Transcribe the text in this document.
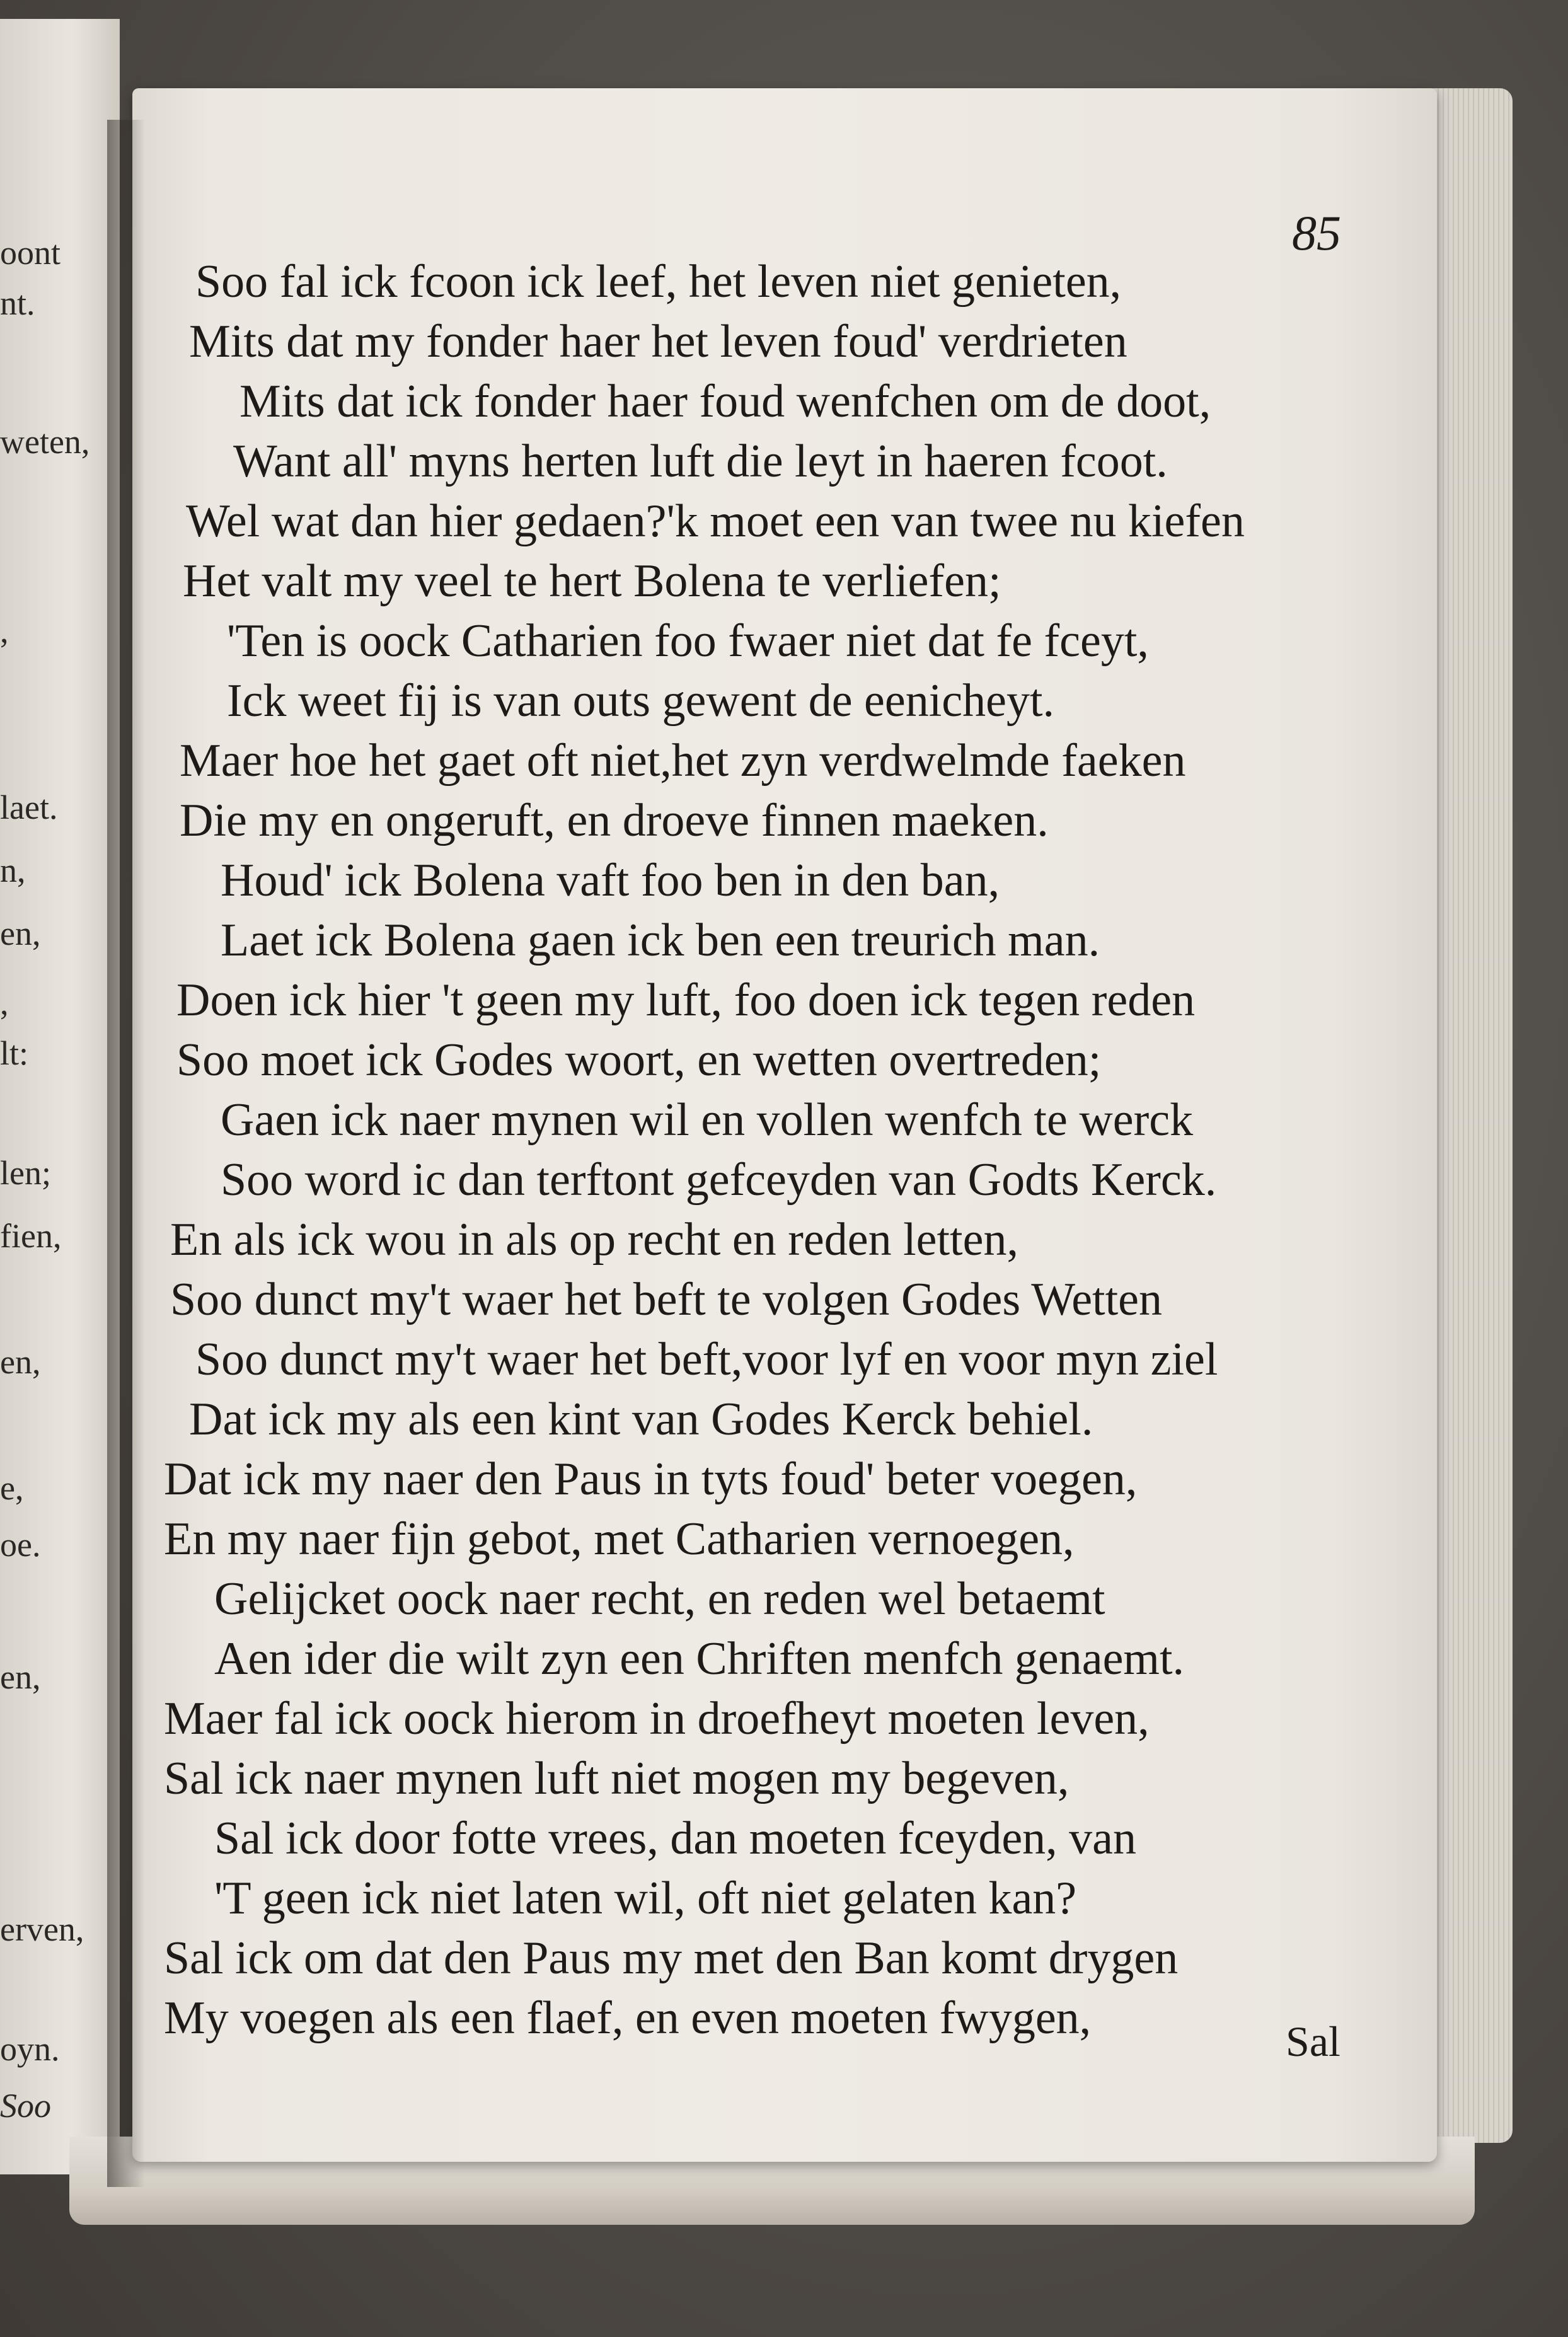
oont
nt.
weten,
,
laet.
n,
en,
,
lt:
len;
fien,
en,
e,
oe.
en,
erven,
oyn.
Soo
85
Soo fal ick fcoon ick leef, het leven niet genieten,
Mits dat my fonder haer het leven foud' verdrieten
Mits dat ick fonder haer foud wenfchen om de doot,
Want all' myns herten luft die leyt in haeren fcoot.
Wel wat dan hier gedaen?'k moet een van twee nu kiefen
Het valt my veel te hert Bolena te verliefen;
'Ten is oock Catharien foo fwaer niet dat fe fceyt,
Ick weet fij is van outs gewent de eenicheyt.
Maer hoe het gaet oft niet,het zyn verdwelmde faeken
Die my en ongeruft, en droeve finnen maeken.
Houd' ick Bolena vaft foo ben in den ban,
Laet ick Bolena gaen ick ben een treurich man.
Doen ick hier 't geen my luft, foo doen ick tegen reden
Soo moet ick Godes woort, en wetten overtreden;
Gaen ick naer mynen wil en vollen wenfch te werck
Soo word ic dan terftont gefceyden van Godts Kerck.
En als ick wou in als op recht en reden letten,
Soo dunct my't waer het beft te volgen Godes Wetten
Soo dunct my't waer het beft,voor lyf en voor myn ziel
Dat ick my als een kint van Godes Kerck behiel.
Dat ick my naer den Paus in tyts foud' beter voegen,
En my naer fijn gebot, met Catharien vernoegen,
Gelijcket oock naer recht, en reden wel betaemt
Aen ider die wilt zyn een Chriften menfch genaemt.
Maer fal ick oock hierom in droefheyt moeten leven,
Sal ick naer mynen luft niet mogen my begeven,
Sal ick door fotte vrees, dan moeten fceyden, van
'T geen ick niet laten wil, oft niet gelaten kan?
Sal ick om dat den Paus my met den Ban komt drygen
My voegen als een flaef, en even moeten fwygen,	Sal
